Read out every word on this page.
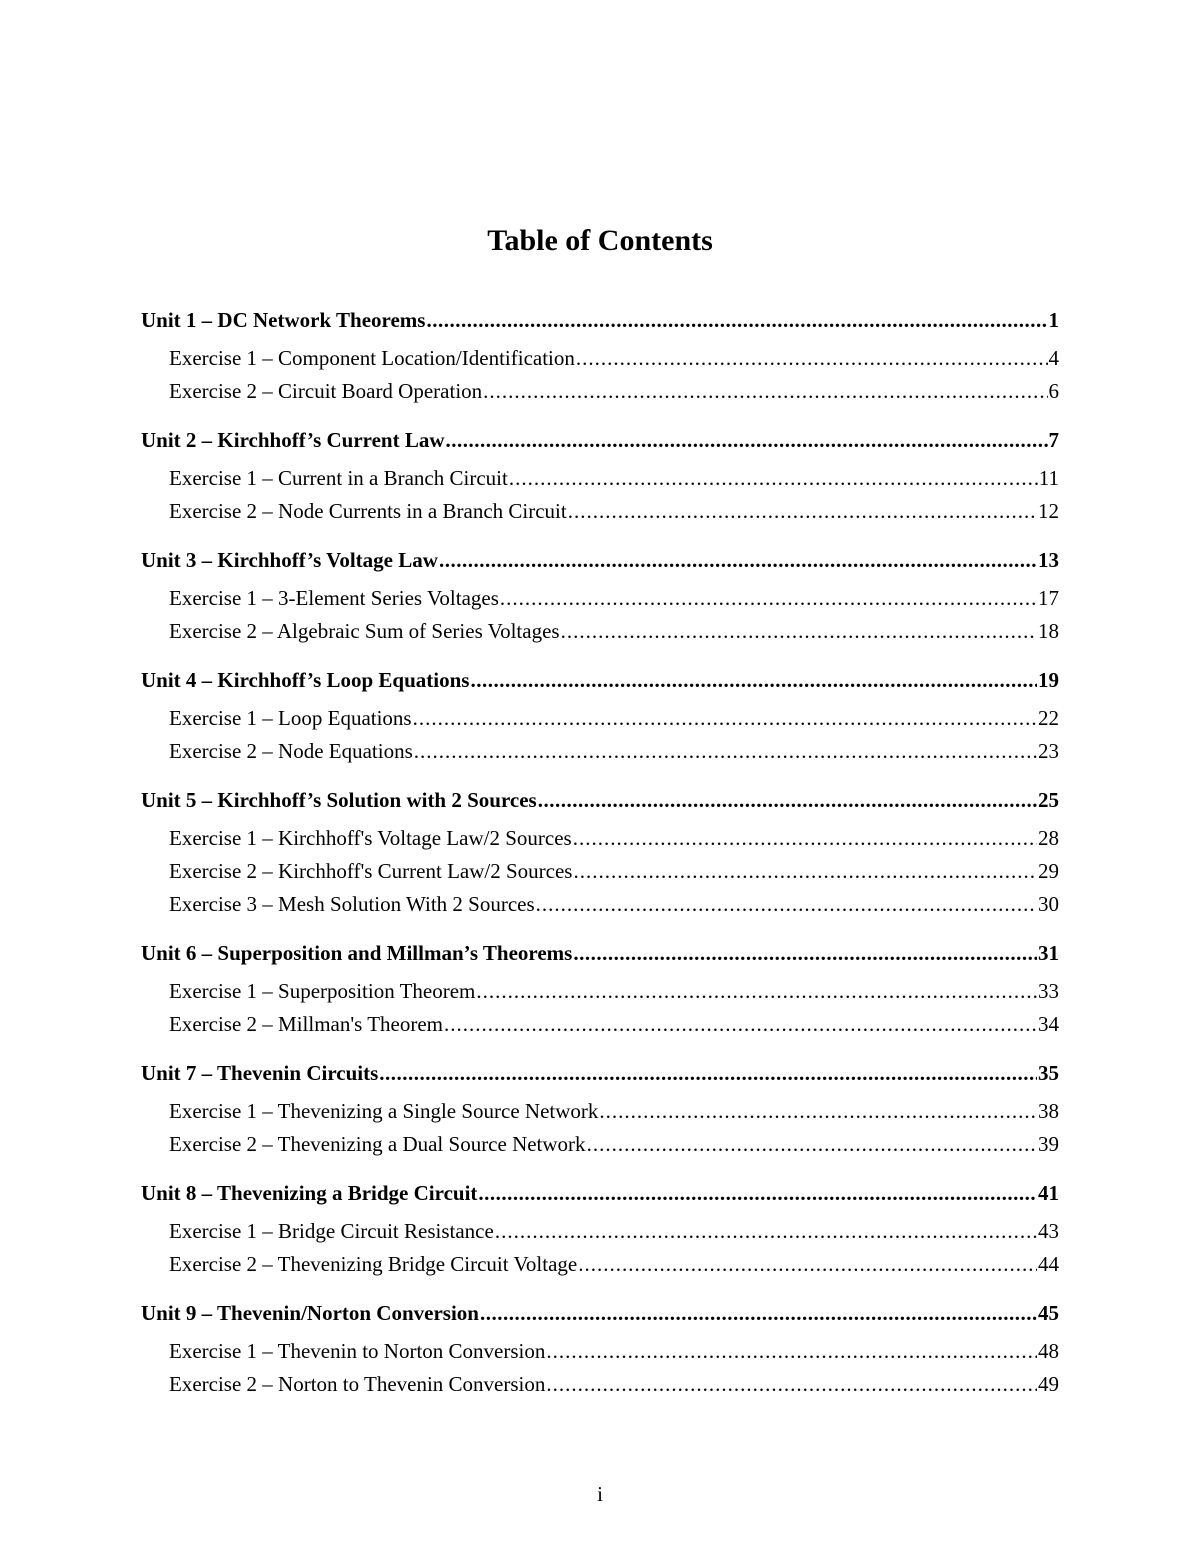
Table of Contents
Unit 1 – DC Network Theorems .....	1
Exercise 1 – Component Location/Identification .....	4
Exercise 2 – Circuit Board Operation .....	6
Unit 2 – Kirchhoff’s Current Law .....	7
Exercise 1 – Current in a Branch Circuit .....	11
Exercise 2 – Node Currents in a Branch Circuit .....	12
Unit 3 – Kirchhoff’s Voltage Law .....	13
Exercise 1 – 3-Element Series Voltages .....	17
Exercise 2 – Algebraic Sum of Series Voltages .....	18
Unit 4 – Kirchhoff’s Loop Equations .....	19
Exercise 1 – Loop Equations .....	22
Exercise 2 – Node Equations .....	23
Unit 5 – Kirchhoff’s Solution with 2 Sources .....	25
Exercise 1 – Kirchhoff's Voltage Law/2 Sources .....	28
Exercise 2 – Kirchhoff's Current Law/2 Sources .....	29
Exercise 3 – Mesh Solution With 2 Sources .....	30
Unit 6 – Superposition and Millman’s Theorems .....	31
Exercise 1 – Superposition Theorem .....	33
Exercise 2 – Millman's Theorem .....	34
Unit 7 – Thevenin Circuits .....	35
Exercise 1 – Thevenizing a Single Source Network .....	38
Exercise 2 – Thevenizing a Dual Source Network .....	39
Unit 8 – Thevenizing a Bridge Circuit .....	41
Exercise 1 – Bridge Circuit Resistance .....	43
Exercise 2 – Thevenizing Bridge Circuit Voltage .....	44
Unit 9 – Thevenin/Norton Conversion .....	45
Exercise 1 – Thevenin to Norton Conversion .....	48
Exercise 2 – Norton to Thevenin Conversion .....	49
i
